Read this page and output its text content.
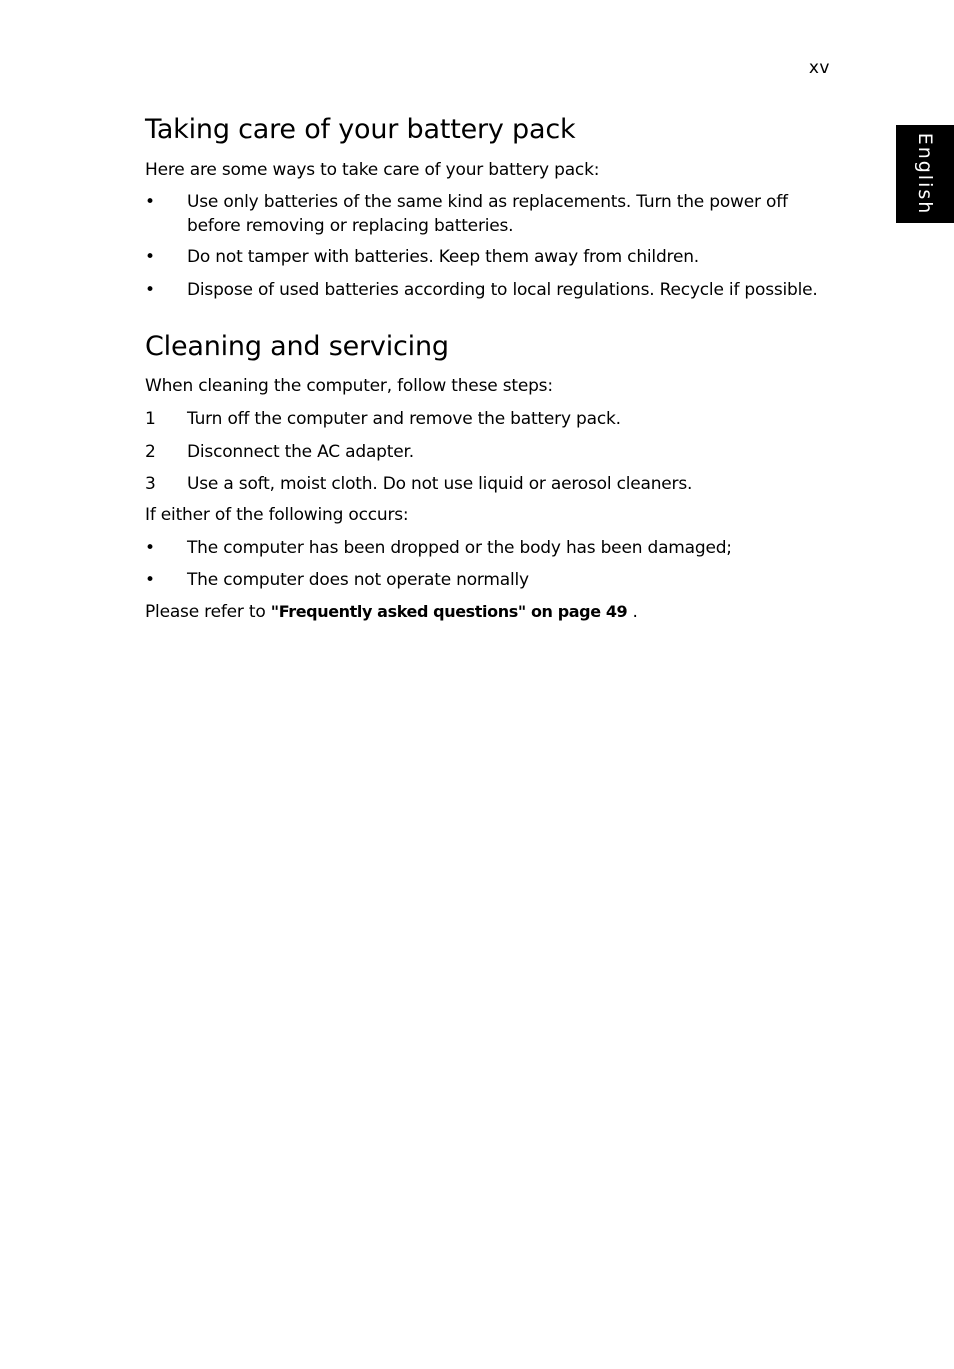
xv
English
Taking care of your battery pack

Here are some ways to take care of your battery pack:

•	Use only batteries of the same kind as replacements. Turn the power off before removing or replacing batteries.
•	Do not tamper with batteries. Keep them away from children.
•	Dispose of used batteries according to local regulations. Recycle if possible.
Cleaning and servicing

When cleaning the computer, follow these steps:

1	Turn off the computer and remove the battery pack.
2	Disconnect the AC adapter.
3	Use a soft, moist cloth. Do not use liquid or aerosol cleaners.

If either of the following occurs:

•	The computer has been dropped or the body has been damaged;
•	The computer does not operate normally

Please refer to "Frequently asked questions" on page 49 .
